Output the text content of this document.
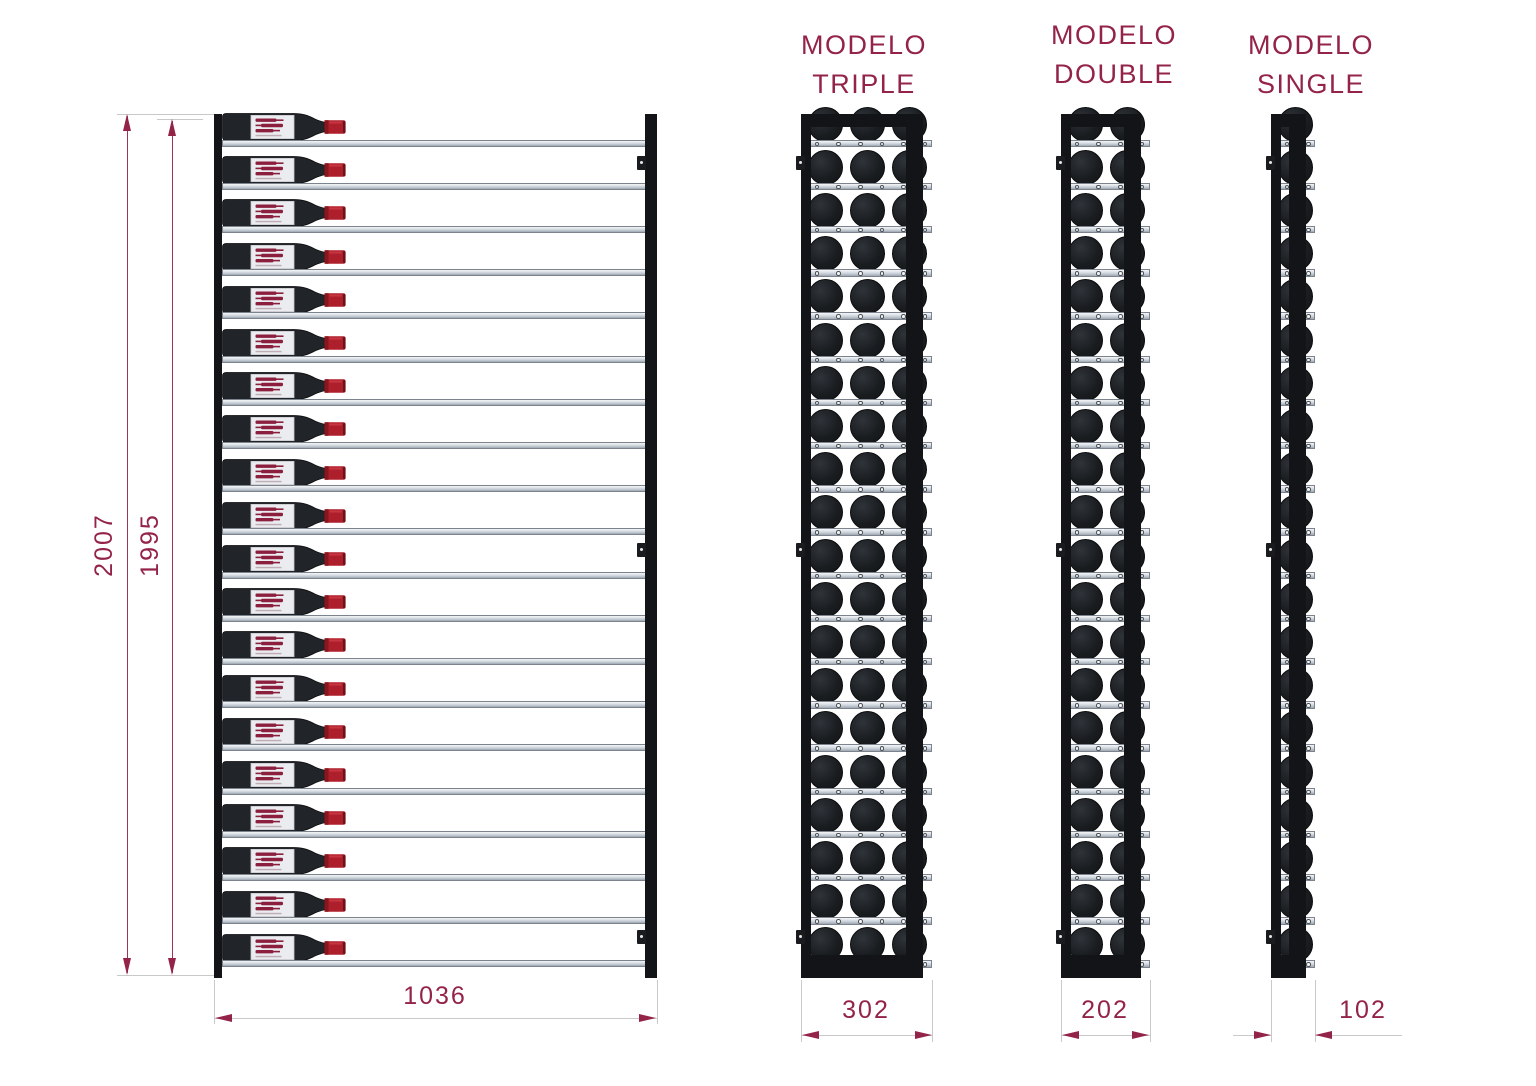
MODELO
TRIPLE
MODELO
DOUBLE
MODELO
SINGLE
2007 1995
1036	302	202	102
